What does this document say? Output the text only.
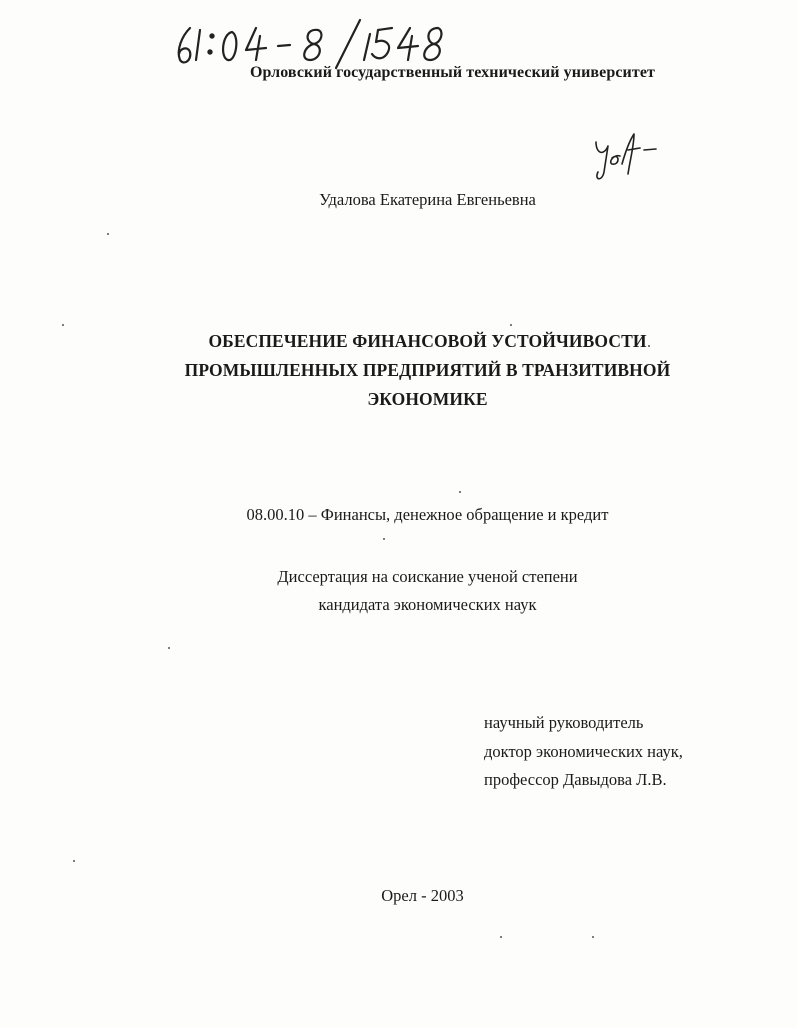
Орловский государственный технический университет
Удалова Екатерина Евгеньевна
ОБЕСПЕЧЕНИЕ ФИНАНСОВОЙ УСТОЙЧИВОСТИ
ПРОМЫШЛЕННЫХ ПРЕДПРИЯТИЙ В ТРАНЗИТИВНОЙ
ЭКОНОМИКЕ
08.00.10 – Финансы, денежное обращение и кредит
Диссертация на соискание ученой степени
кандидата экономических наук
научный руководитель
доктор экономических наук,
профессор Давыдова Л.В.
Орел - 2003
